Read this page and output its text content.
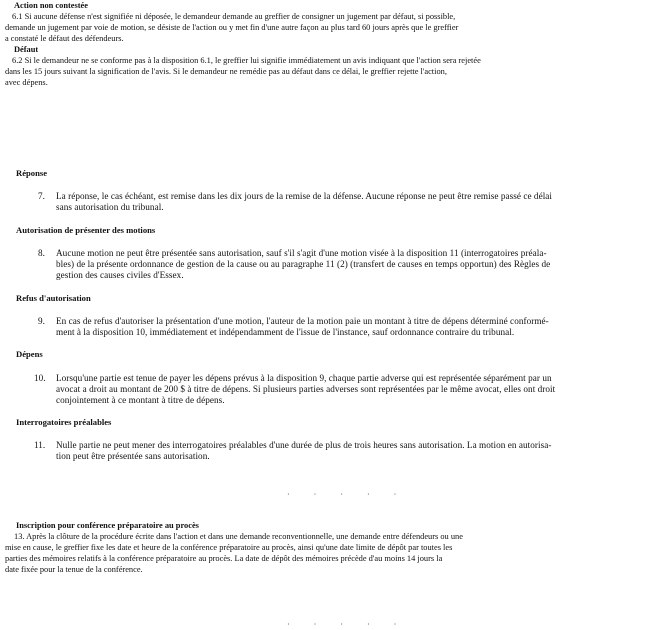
Action non contestée
6.1 Si aucune défense n'est signifiée ni déposée, le demandeur demande au greffier de consigner un jugement par défaut, si possible,
demande un jugement par voie de motion, se désiste de l'action ou y met fin d'une autre façon au plus tard 60 jours après que le greffier
a constaté le défaut des défendeurs.
Défaut
6.2 Si le demandeur ne se conforme pas à la disposition 6.1, le greffier lui signifie immédiatement un avis indiquant que l'action sera rejetée
dans les 15 jours suivant la signification de l'avis. Si le demandeur ne remédie pas au défaut dans ce délai, le greffier rejette l'action,
avec dépens.
Réponse
7. La réponse, le cas échéant, est remise dans les dix jours de la remise de la défense. Aucune réponse ne peut être remise passé ce délai
sans autorisation du tribunal.
Autorisation de présenter des motions
8. Aucune motion ne peut être présentée sans autorisation, sauf s'il s'agit d'une motion visée à la disposition 11 (interrogatoires préala-
bles) de la présente ordonnance de gestion de la cause ou au paragraphe 11 (2) (transfert de causes en temps opportun) des Règles de
gestion des causes civiles d'Essex.
Refus d'autorisation
9. En cas de refus d'autoriser la présentation d'une motion, l'auteur de la motion paie un montant à titre de dépens déterminé conformé-
ment à la disposition 10, immédiatement et indépendamment de l'issue de l'instance, sauf ordonnance contraire du tribunal.
Dépens
10. Lorsqu'une partie est tenue de payer les dépens prévus à la disposition 9, chaque partie adverse qui est représentée séparément par un
avocat a droit au montant de 200 $ à titre de dépens. Si plusieurs parties adverses sont représentées par le même avocat, elles ont droit
conjointement à ce montant à titre de dépens.
Interrogatoires préalables
11. Nulle partie ne peut mener des interrogatoires préalables d'une durée de plus de trois heures sans autorisation. La motion en autorisa-
tion peut être présentée sans autorisation.
· · · · ·
Inscription pour conférence préparatoire au procès
13. Après la clôture de la procédure écrite dans l'action et dans une demande reconventionnelle, une demande entre défendeurs ou une
mise en cause, le greffier fixe les date et heure de la conférence préparatoire au procès, ainsi qu'une date limite de dépôt par toutes les
parties des mémoires relatifs à la conférence préparatoire au procès. La date de dépôt des mémoires précède d'au moins 14 jours la
date fixée pour la tenue de la conférence.
· · · · ·
